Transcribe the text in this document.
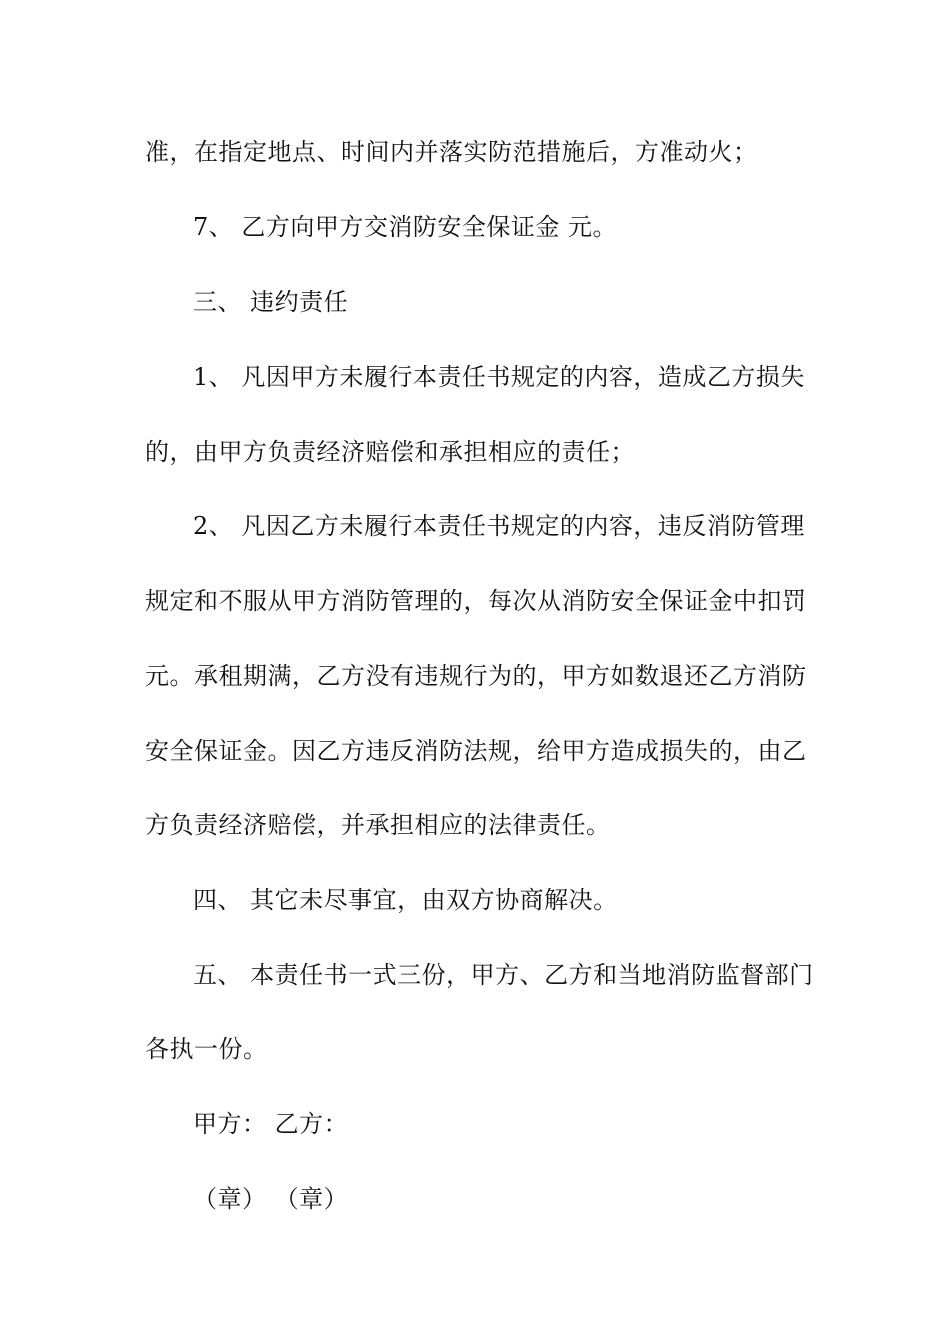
准，在指定地点、时间内并落实防范措施后，方准动火；
7、 乙方向甲方交消防安全保证金 元。
三、 违约责任
1、 凡因甲方未履行本责任书规定的内容，造成乙方损失
的，由甲方负责经济赔偿和承担相应的责任；
2、 凡因乙方未履行本责任书规定的内容，违反消防管理
规定和不服从甲方消防管理的，每次从消防安全保证金中扣罚
元。承租期满，乙方没有违规行为的，甲方如数退还乙方消防
安全保证金。因乙方违反消防法规，给甲方造成损失的，由乙
方负责经济赔偿，并承担相应的法律责任。
四、 其它未尽事宜，由双方协商解决。
五、 本责任书一式三份，甲方、乙方和当地消防监督部门
各执一份。
甲方： 乙方：
（章） （章）
